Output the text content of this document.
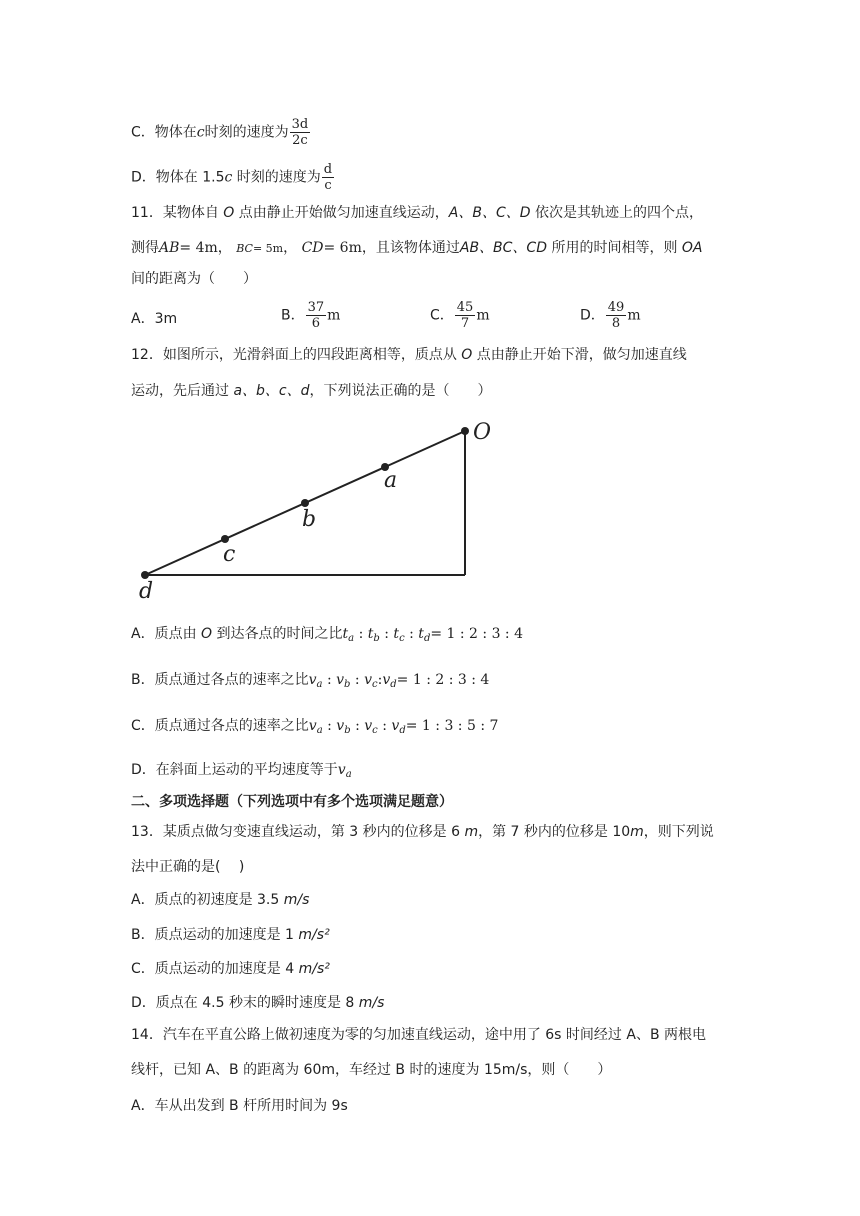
C．物体在c时刻的速度为 $\frac{3d}{2c}$
D．物体在 1.5c 时刻的速度为 $\frac{d}{c}$
11．某物体自 O 点由静止开始做匀加速直线运动，A、B、C、D 依次是其轨迹上的四个点，
测得AB= 4m， BC= 5m， CD= 6m，且该物体通过AB、BC、CD 所用的时间相等，则 OA
间的距离为（　　）
A．3m	B． $\frac{37}{6}$ m	C． $\frac{45}{7}$ m	D． $\frac{49}{8}$ m
12．如图所示，光滑斜面上的四段距离相等，质点从 O 点由静止开始下滑，做匀加速直线
运动，先后通过 a、b、c、d，下列说法正确的是（　　）
O
a
b
c
d
A．质点由 O 到达各点的时间之比$t_a$ : $t_b$ : $t_c$ : $t_d= 1$ : 2 : 3 : 4
B．质点通过各点的速率之比$v_a$ : $v_b$ : $v_c:v_d= 1$ : 2 : 3 : 4
C．质点通过各点的速率之比$v_a$ : $v_b$ : $v_c$ : $v_d= 1$ : 3 : 5 : 7
D．在斜面上运动的平均速度等于$v_a$
二、多项选择题（下列选项中有多个选项满足题意）
13．某质点做匀变速直线运动，第 3 秒内的位移是 6 m，第 7 秒内的位移是 10m，则下列说
法中正确的是(　 )
A．质点的初速度是 3.5 m/s
B．质点运动的加速度是 1 m/s²
C．质点运动的加速度是 4 m/s²
D．质点在 4.5 秒末的瞬时速度是 8 m/s
14．汽车在平直公路上做初速度为零的匀加速直线运动，途中用了 6s 时间经过 A、B 两根电
线杆，已知 A、B 的距离为 60m，车经过 B 时的速度为 15m/s，则（　　）
A．车从出发到 B 杆所用时间为 9s
